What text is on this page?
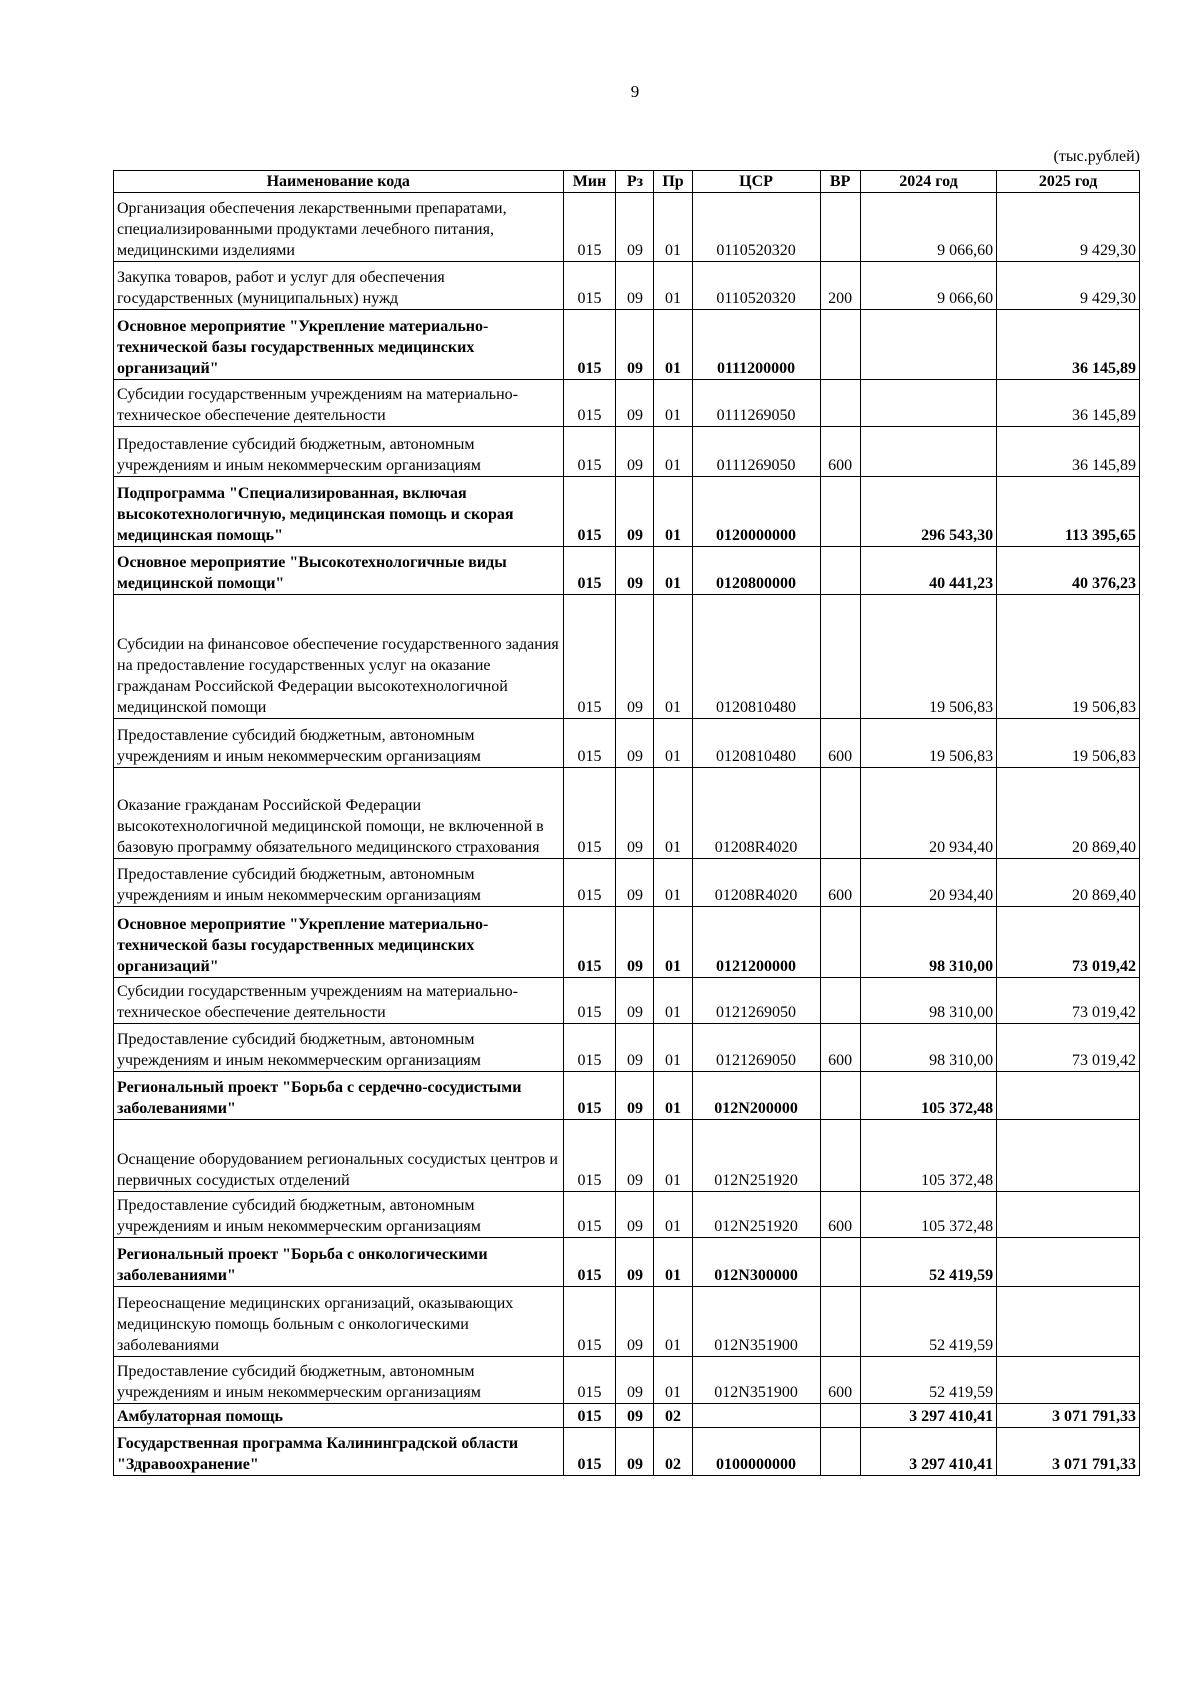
9
(тыс.рублей)
Наименование кода	Мин	Рз	Пр	ЦСР	ВР	2024 год	2025 год
Организация обеспечения лекарственными препаратами, специализированными продуктами лечебного питания, медицинскими изделиями	015	09	01	0110520320		9 066,60	9 429,30
Закупка товаров, работ и услуг для обеспечения государственных (муниципальных) нужд	015	09	01	0110520320	200	9 066,60	9 429,30
Основное мероприятие "Укрепление материально-технической базы государственных медицинских организаций"	015	09	01	0111200000			36 145,89
Субсидии государственным учреждениям на материально-техническое обеспечение деятельности	015	09	01	0111269050			36 145,89
Предоставление субсидий бюджетным, автономным учреждениям и иным некоммерческим организациям	015	09	01	0111269050	600		36 145,89
Подпрограмма "Специализированная, включая высокотехнологичную, медицинская помощь и скорая медицинская помощь"	015	09	01	0120000000		296 543,30	113 395,65
Основное мероприятие "Высокотехнологичные виды медицинской помощи"	015	09	01	0120800000		40 441,23	40 376,23
Субсидии на финансовое обеспечение государственного задания на предоставление государственных услуг на оказание гражданам Российской Федерации высокотехнологичной медицинской помощи	015	09	01	0120810480		19 506,83	19 506,83
Предоставление субсидий бюджетным, автономным учреждениям и иным некоммерческим организациям	015	09	01	0120810480	600	19 506,83	19 506,83
Оказание гражданам Российской Федерации высокотехнологичной медицинской помощи, не включенной в базовую программу обязательного медицинского страхования	015	09	01	01208R4020		20 934,40	20 869,40
Предоставление субсидий бюджетным, автономным учреждениям и иным некоммерческим организациям	015	09	01	01208R4020	600	20 934,40	20 869,40
Основное мероприятие "Укрепление материально-технической базы государственных медицинских организаций"	015	09	01	0121200000		98 310,00	73 019,42
Субсидии государственным учреждениям на материально-техническое обеспечение деятельности	015	09	01	0121269050		98 310,00	73 019,42
Предоставление субсидий бюджетным, автономным учреждениям и иным некоммерческим организациям	015	09	01	0121269050	600	98 310,00	73 019,42
Региональный проект "Борьба с сердечно-сосудистыми заболеваниями"	015	09	01	012N200000		105 372,48	
Оснащение оборудованием региональных сосудистых центров и первичных сосудистых отделений	015	09	01	012N251920		105 372,48	
Предоставление субсидий бюджетным, автономным учреждениям и иным некоммерческим организациям	015	09	01	012N251920	600	105 372,48	
Региональный проект "Борьба с онкологическими заболеваниями"	015	09	01	012N300000		52 419,59	
Переоснащение медицинских организаций, оказывающих медицинскую помощь больным с онкологическими заболеваниями	015	09	01	012N351900		52 419,59	
Предоставление субсидий бюджетным, автономным учреждениям и иным некоммерческим организациям	015	09	01	012N351900	600	52 419,59	
Амбулаторная помощь	015	09	02			3 297 410,41	3 071 791,33
Государственная программа Калининградской области "Здравоохранение"	015	09	02	0100000000		3 297 410,41	3 071 791,33
